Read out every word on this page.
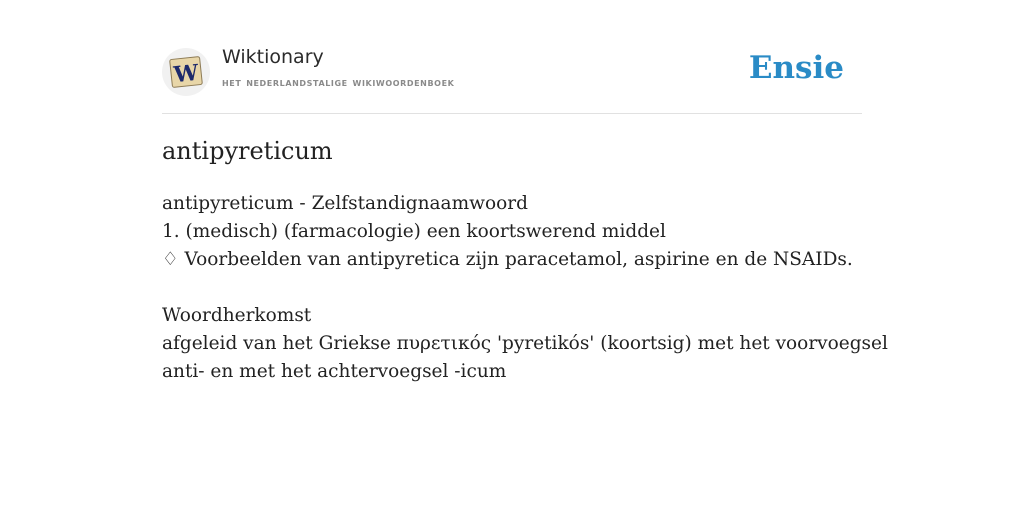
W
Wiktionary
het nederlandstalige wikiwoordenboek	Ensie
antipyreticum
antipyreticum - Zelfstandignaamwoord
1. (medisch) (farmacologie) een koortswerend middel
♢ Voorbeelden van antipyretica zijn paracetamol, aspirine en de NSAIDs.
Woordherkomst
afgeleid van het Griekse πυρετικός 'pyretikós' (koortsig) met het voorvoegsel
anti- en met het achtervoegsel -icum
